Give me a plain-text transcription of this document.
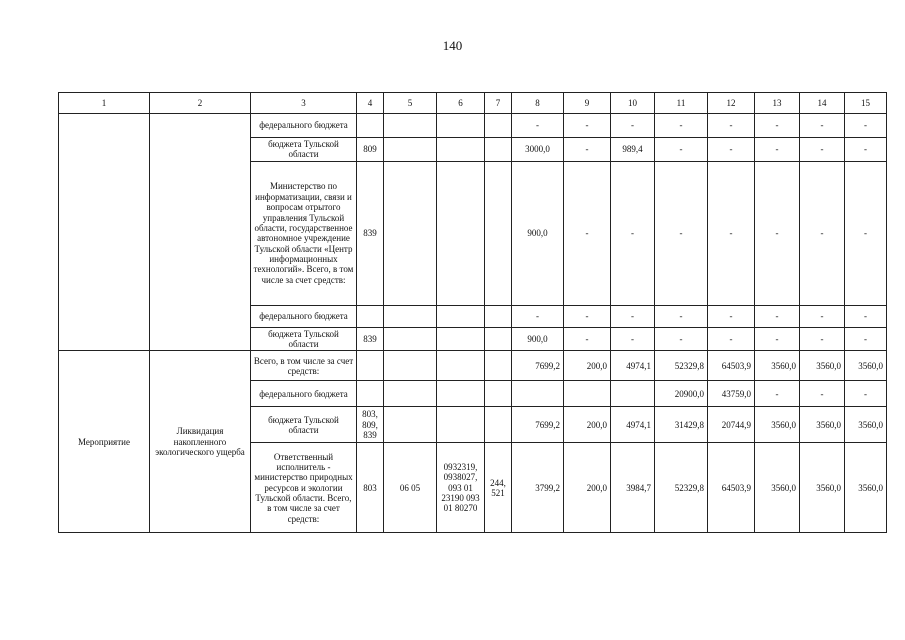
140
1	2	3	4	5	6	7	8	9	10	11	12	13	14	15
		федерального бюджета					-	-	-	-	-	-	-	-
		бюджета Тульской области	809				3000,0	-	989,4	-	-	-	-	-
		Министерство по информатизации, связи и вопросам отрытого управления Тульской области, государственное автономное учреждение Тульской области «Центр информационных технологий». Всего, в том числе за счет средств:	839				900,0	-	-	-	-	-	-	-
		федерального бюджета					-	-	-	-	-	-	-	-
		бюджета Тульской области	839				900,0	-	-	-	-	-	-	-
Мероприятие	Ликвидация накопленного экологического ущерба	Всего, в том числе за счет средств:					7699,2	200,0	4974,1	52329,8	64503,9	3560,0	3560,0	3560,0
		федерального бюджета								20900,0	43759,0	-	-	-
		бюджета Тульской области	803, 809, 839				7699,2	200,0	4974,1	31429,8	20744,9	3560,0	3560,0	3560,0
		Ответственный исполнитель - министерство природных ресурсов и экологии Тульской области. Всего, в том числе за счет средств:	803	06 05	0932319, 0938027, 093 01 23190 093 01 80270	244, 521	3799,2	200,0	3984,7	52329,8	64503,9	3560,0	3560,0	3560,0
